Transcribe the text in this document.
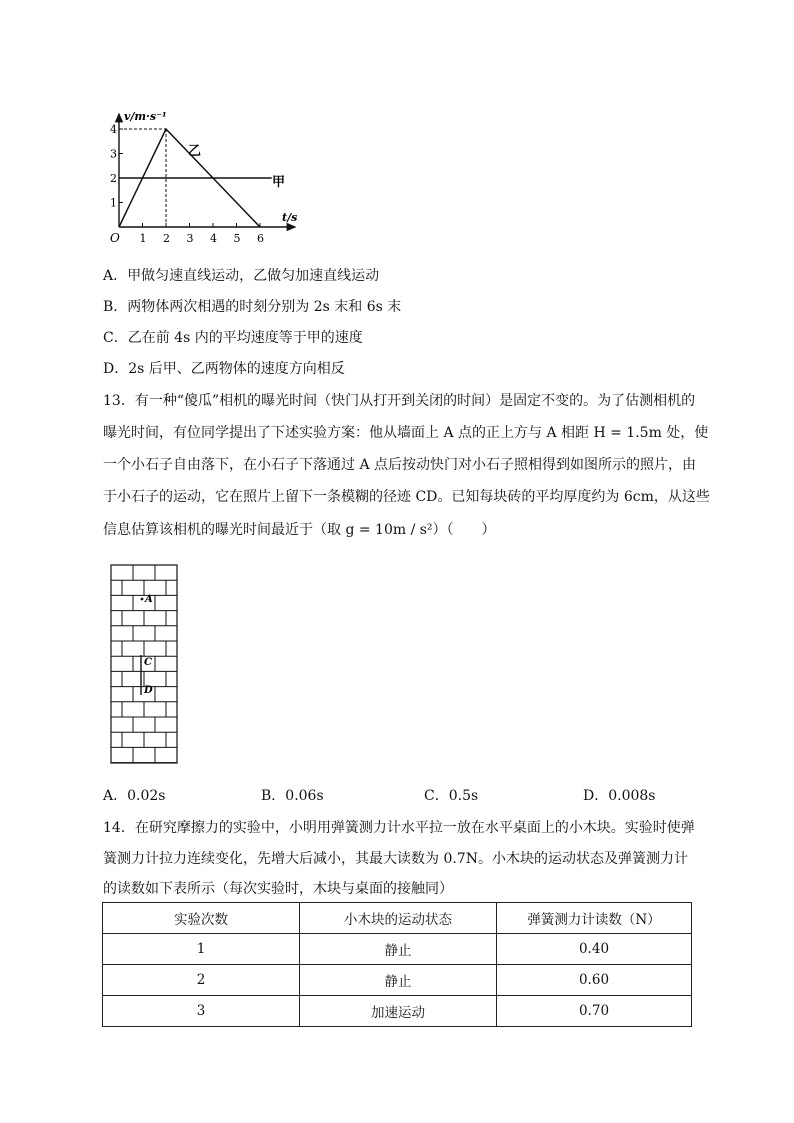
1
2
3
4
1 2 3 4 5 6
v/m·s⁻¹
t/s
O
乙
甲
A．甲做匀速直线运动，乙做匀加速直线运动
B．两物体两次相遇的时刻分别为 2s 末和 6s 末
C．乙在前 4s 内的平均速度等于甲的速度
D．2s 后甲、乙两物体的速度方向相反
13．有一种“傻瓜”相机的曝光时间（快门从打开到关闭的时间）是固定不变的。为了估测相机的
曝光时间，有位同学提出了下述实验方案：他从墙面上 A 点的正上方与 A 相距 H = 1.5m 处，使
一个小石子自由落下，在小石子下落通过 A 点后按动快门对小石子照相得到如图所示的照片，由
于小石子的运动，它在照片上留下一条模糊的径迹 CD。已知每块砖的平均厚度约为 6cm，从这些
信息估算该相机的曝光时间最近于（取 g = 10m / s²）（　　）
A
C
D
A．0.02s	B．0.06s	C．0.5s	D．0.008s
14．在研究摩擦力的实验中，小明用弹簧测力计水平拉一放在水平桌面上的小木块。实验时使弹
簧测力计拉力连续变化，先增大后减小，其最大读数为 0.7N。小木块的运动状态及弹簧测力计
的读数如下表所示（每次实验时，木块与桌面的接触同）
实验次数	小木块的运动状态	弹簧测力计读数（N）
1	静止	0.40
2	静止	0.60
3	加速运动	0.70
